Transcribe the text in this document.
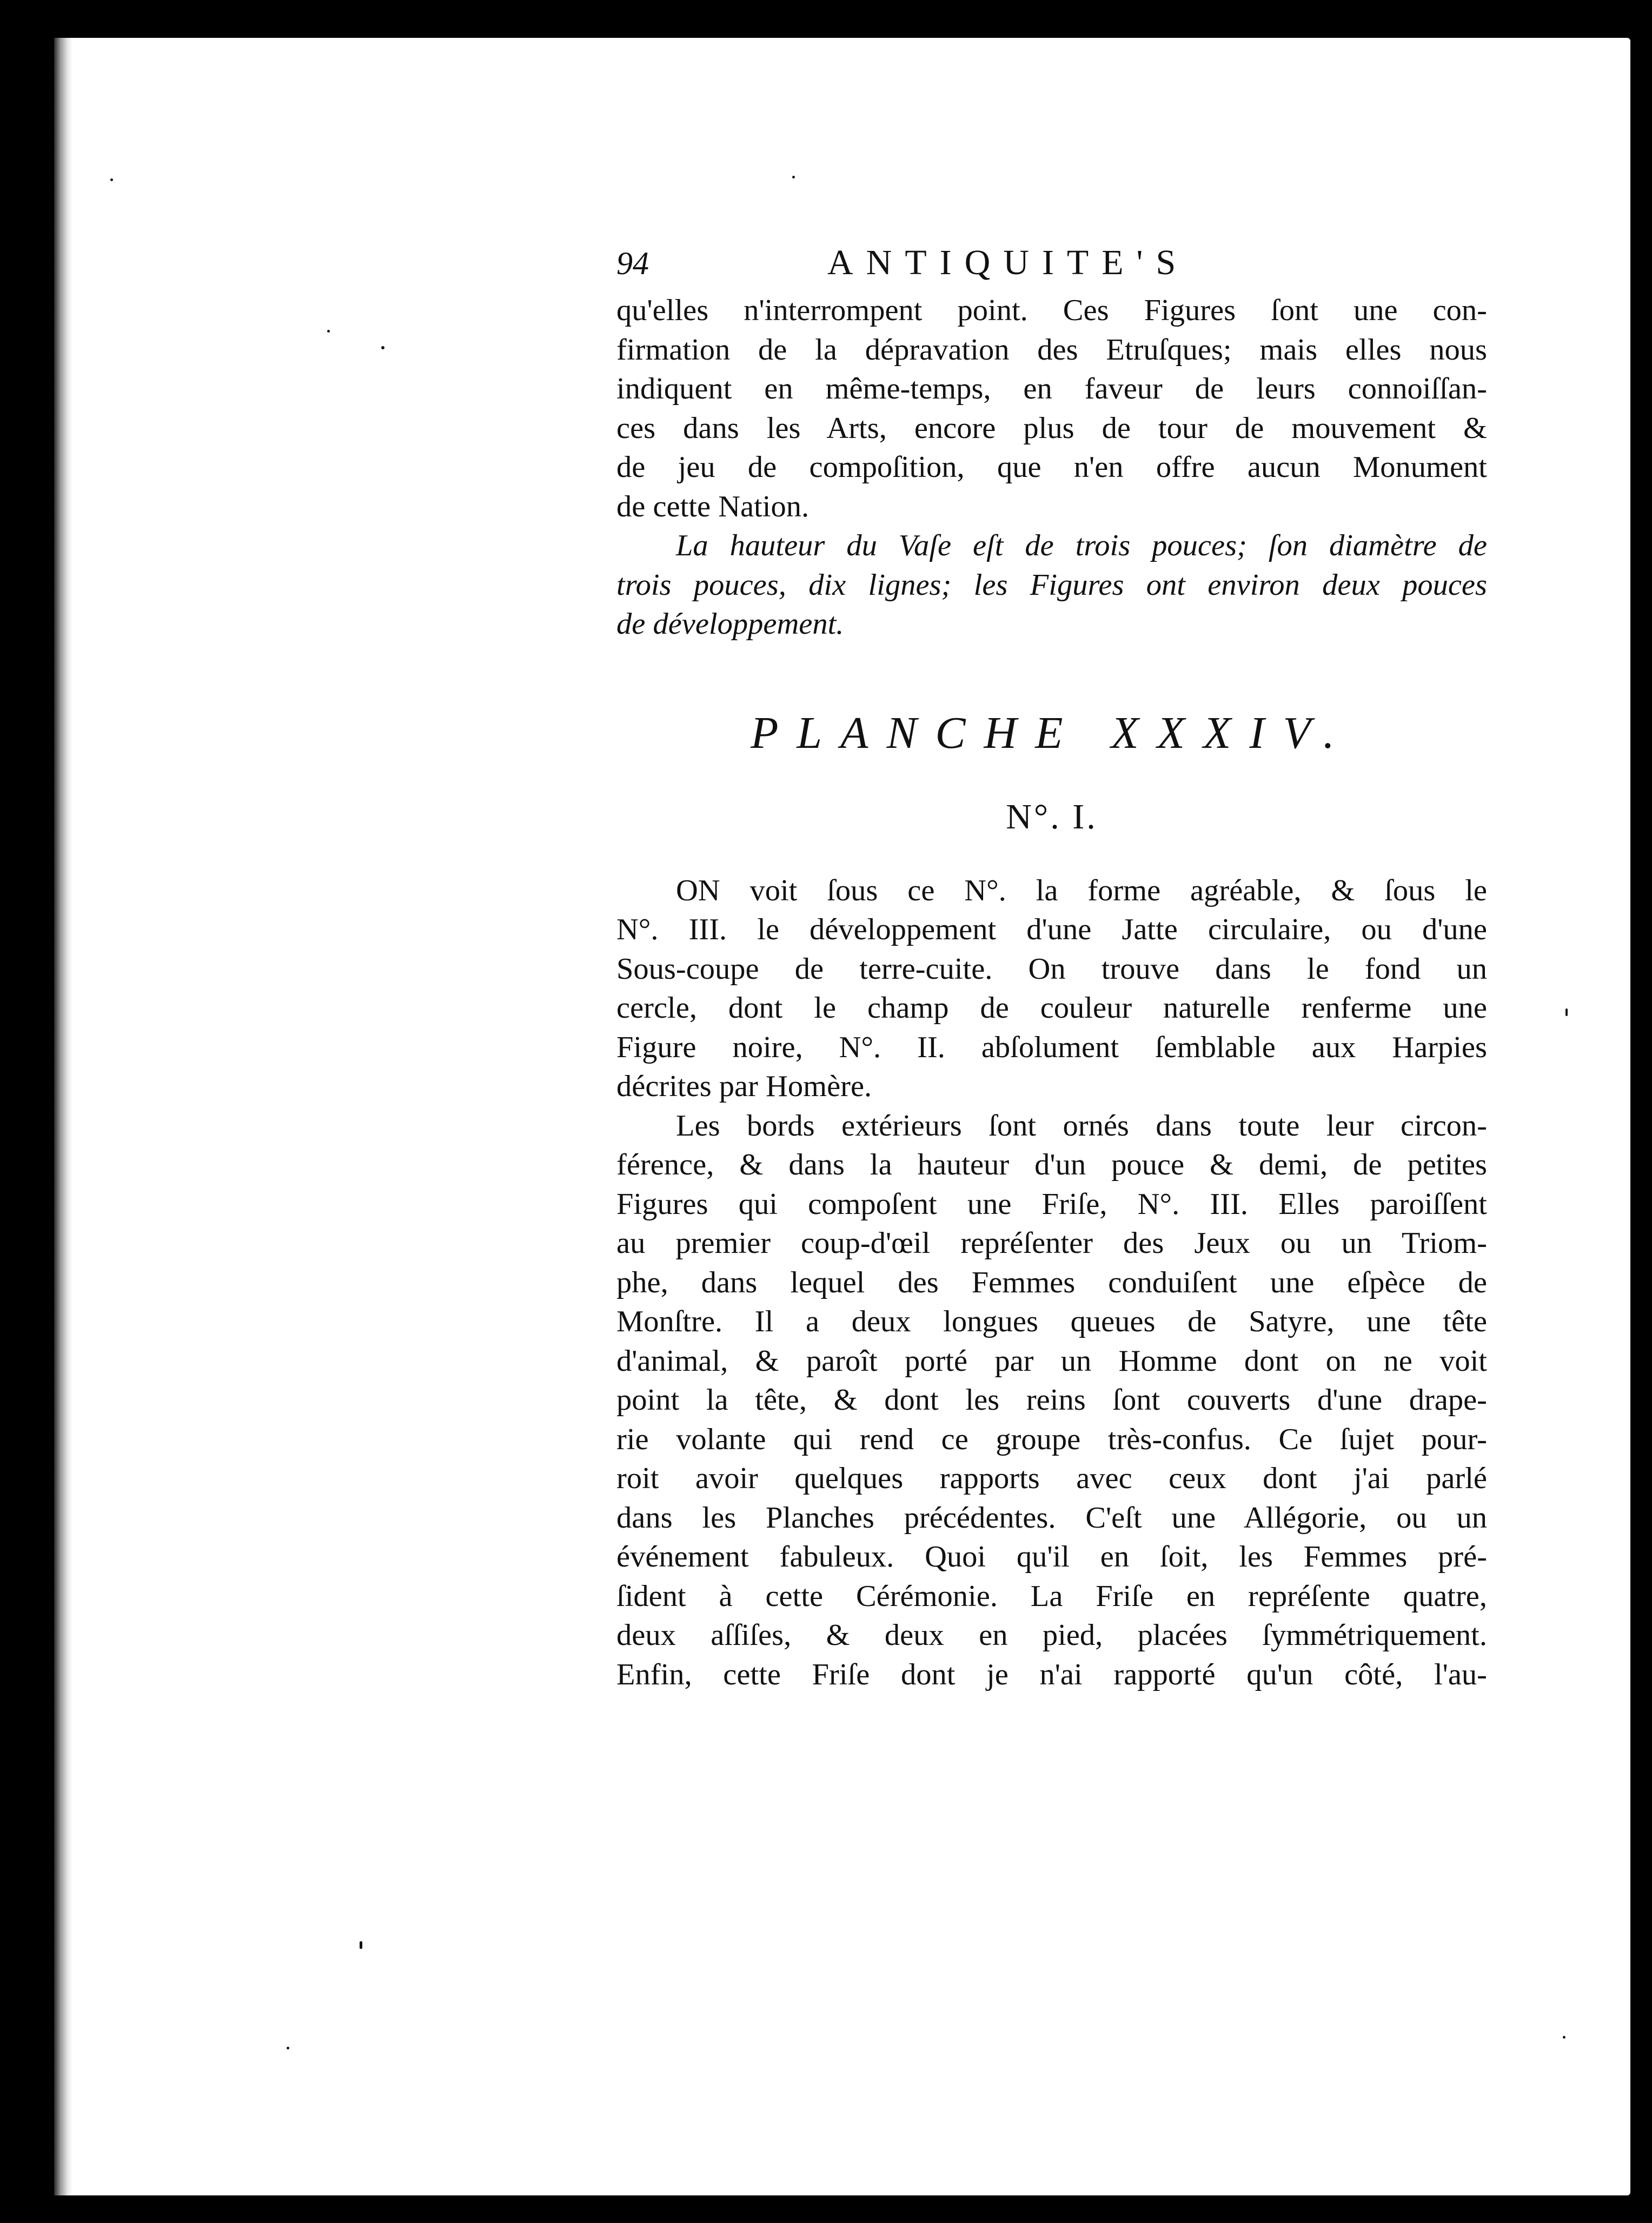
94	ANTIQUITE'S
qu'elles n'interrompent point. Ces Figures ſont une con-
firmation de la dépravation des Etruſques; mais elles nous
indiquent en même-temps, en faveur de leurs connoiſſan-
ces dans les Arts, encore plus de tour de mouvement &
de jeu de compoſition, que n'en offre aucun Monument
de cette Nation.
La hauteur du Vaſe eſt de trois pouces; ſon diamètre de
trois pouces, dix lignes; les Figures ont environ deux pouces
de développement.
PLANCHE XXXIV.
N°. I.
ON voit ſous ce N°. la forme agréable, & ſous le
N°. III. le développement d'une Jatte circulaire, ou d'une
Sous-coupe de terre-cuite. On trouve dans le fond un
cercle, dont le champ de couleur naturelle renferme une
Figure noire, N°. II. abſolument ſemblable aux Harpies
décrites par Homère.
Les bords extérieurs ſont ornés dans toute leur circon-
férence, & dans la hauteur d'un pouce & demi, de petites
Figures qui compoſent une Friſe, N°. III. Elles paroiſſent
au premier coup-d'œil repréſenter des Jeux ou un Triom-
phe, dans lequel des Femmes conduiſent une eſpèce de
Monſtre. Il a deux longues queues de Satyre, une tête
d'animal, & paroît porté par un Homme dont on ne voit
point la tête, & dont les reins ſont couverts d'une drape-
rie volante qui rend ce groupe très-confus. Ce ſujet pour-
roit avoir quelques rapports avec ceux dont j'ai parlé
dans les Planches précédentes. C'eſt une Allégorie, ou un
événement fabuleux. Quoi qu'il en ſoit, les Femmes pré-
ſident à cette Cérémonie. La Friſe en repréſente quatre,
deux aſſiſes, & deux en pied, placées ſymmétriquement.
Enfin, cette Friſe dont je n'ai rapporté qu'un côté, l'au-
